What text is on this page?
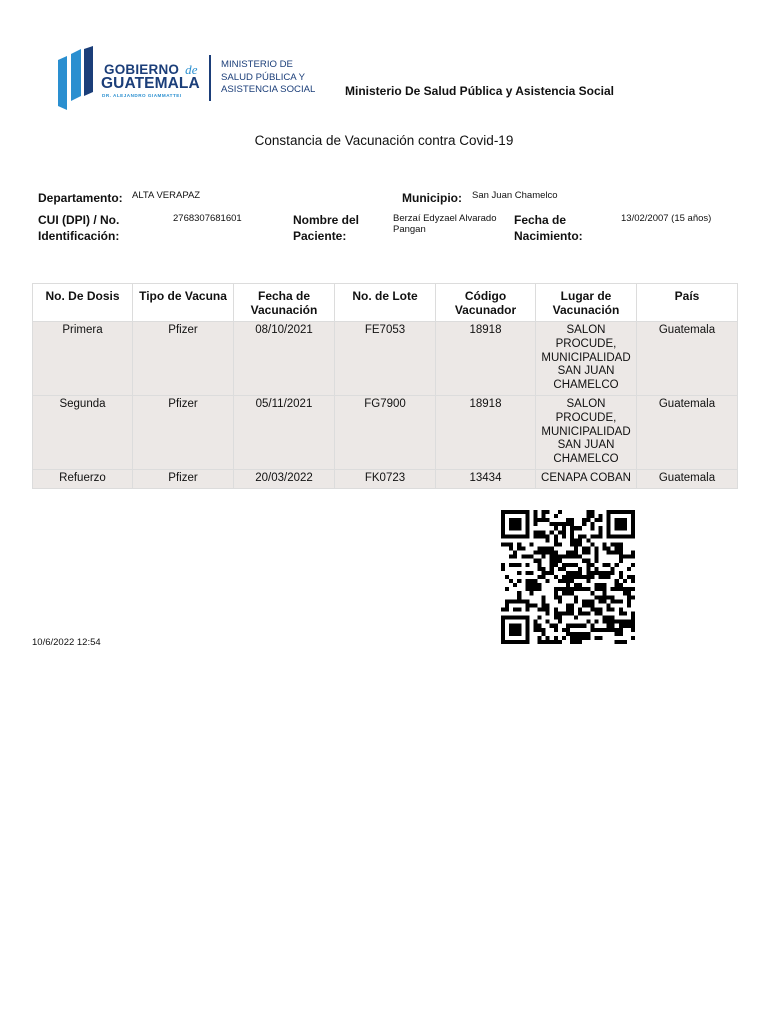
GOBIERNO de
GUATEMALA
DR. ALEJANDRO GIAMMATTEI
MINISTERIO DE
SALUD PÚBLICA Y
ASISTENCIA SOCIAL	Ministerio De Salud Pública y Asistencia Social
Constancia de Vacunación contra Covid-19
Departamento: ALTA VERAPAZ	Municipio: San Juan Chamelco
CUI (DPI) / No. Identificación:
2768307681601	Nombre del Paciente:
Berzaí Edyzael Alvarado Pangan
Fecha de Nacimiento:
13/02/2007 (15 años)
No. De Dosis	Tipo de Vacuna	Fecha de Vacunación	No. de Lote	Código Vacunador	Lugar de Vacunación	País
Primera	Pfizer	08/10/2021	FE7053	18918	SALON PROCUDE, MUNICIPALIDAD SAN JUAN CHAMELCO	Guatemala
Segunda	Pfizer	05/11/2021	FG7900	18918	SALON PROCUDE, MUNICIPALIDAD SAN JUAN CHAMELCO	Guatemala
Refuerzo	Pfizer	20/03/2022	FK0723	13434	CENAPA COBAN	Guatemala
10/6/2022 12:54
